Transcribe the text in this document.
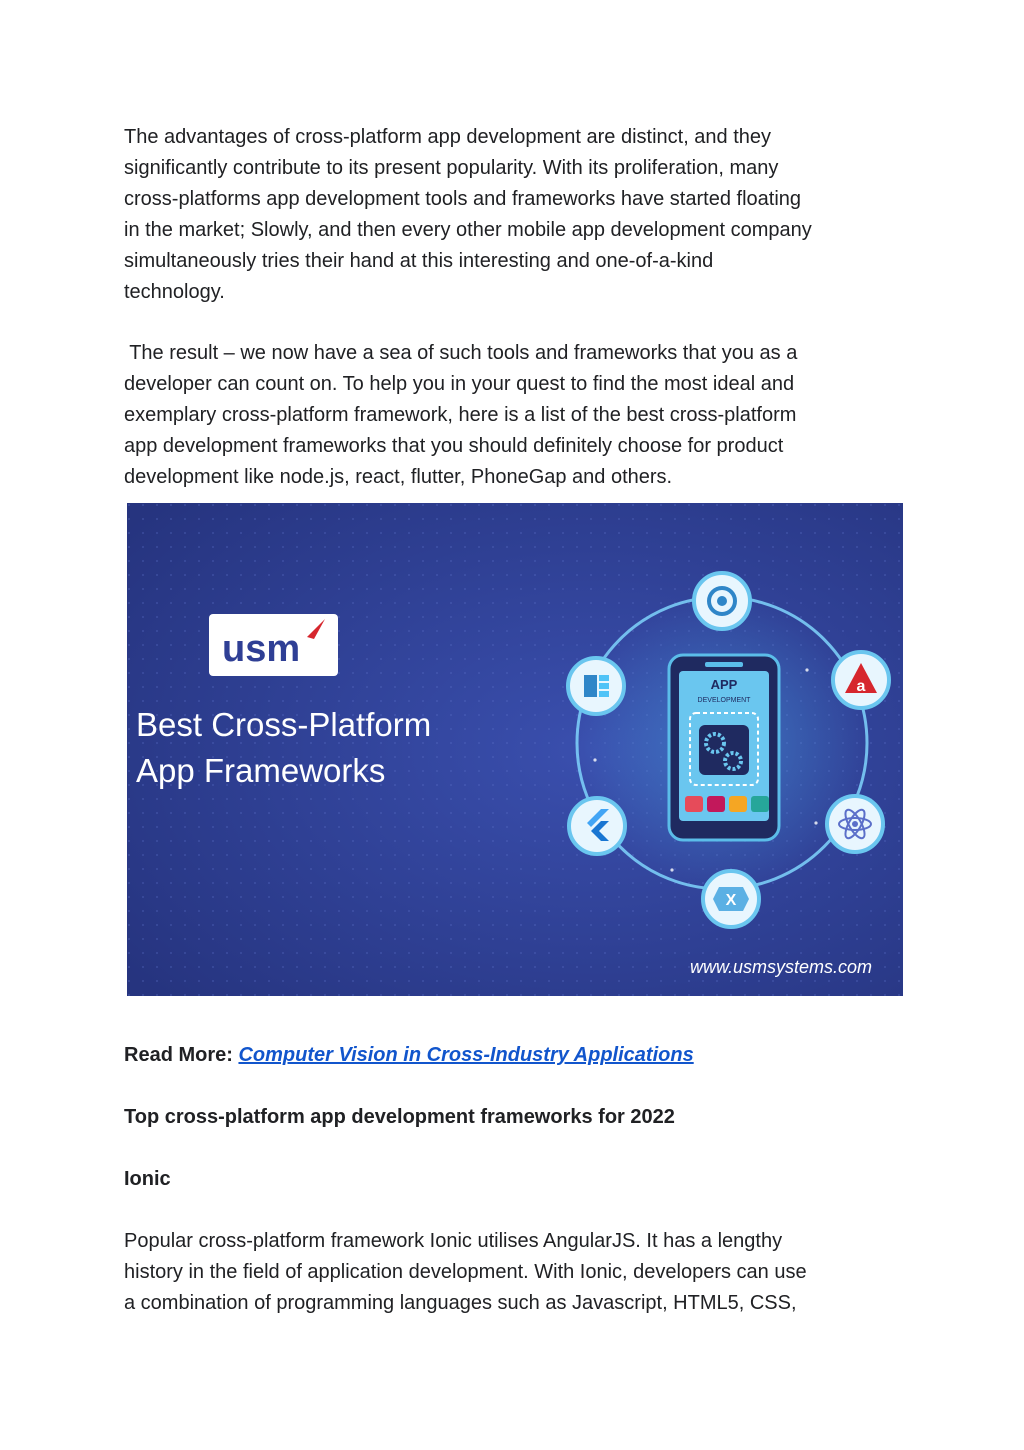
The advantages of cross-platform app development are distinct, and they
significantly contribute to its present popularity. With its proliferation, many
cross-platforms app development tools and frameworks have started floating
in the market; Slowly, and then every other mobile app development company
simultaneously tries their hand at this interesting and one-of-a-kind
technology.
The result – we now have a sea of such tools and frameworks that you as a
developer can count on. To help you in your quest to find the most ideal and
exemplary cross-platform framework, here is a list of the best cross-platform
app development frameworks that you should definitely choose for product
development like node.js, react, flutter, PhoneGap and others.
usm
Best Cross-Platform
App Frameworks
APP
DEVELOPMENT
a
X
www.usmsystems.com
Read More: Computer Vision in Cross-Industry Applications
Top cross-platform app development frameworks for 2022
Ionic
Popular cross-platform framework Ionic utilises AngularJS. It has a lengthy
history in the field of application development. With Ionic, developers can use
a combination of programming languages such as Javascript, HTML5, CSS,
